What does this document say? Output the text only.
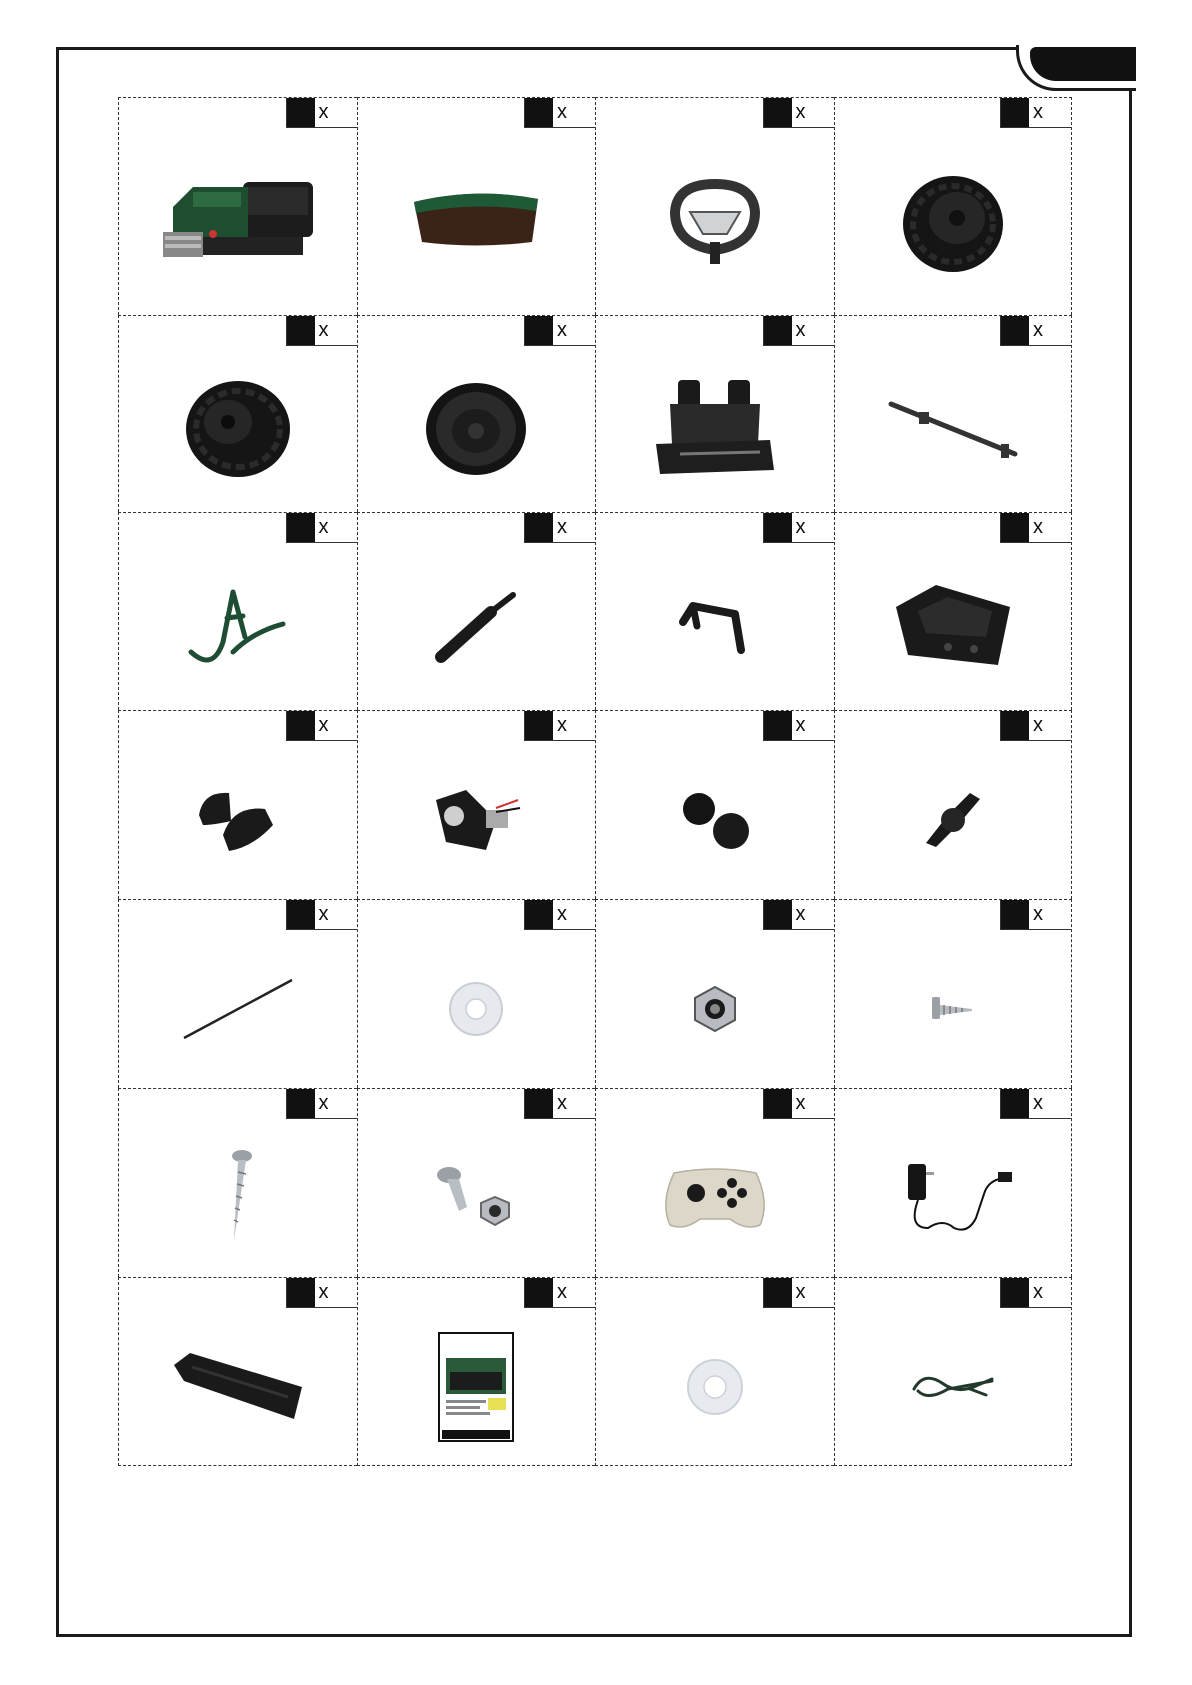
x	x	x	x
x	x	x	x
x	x	x	x
x	x	x	x
x	x	x	x
x	x	x	x
x	x	x	x
